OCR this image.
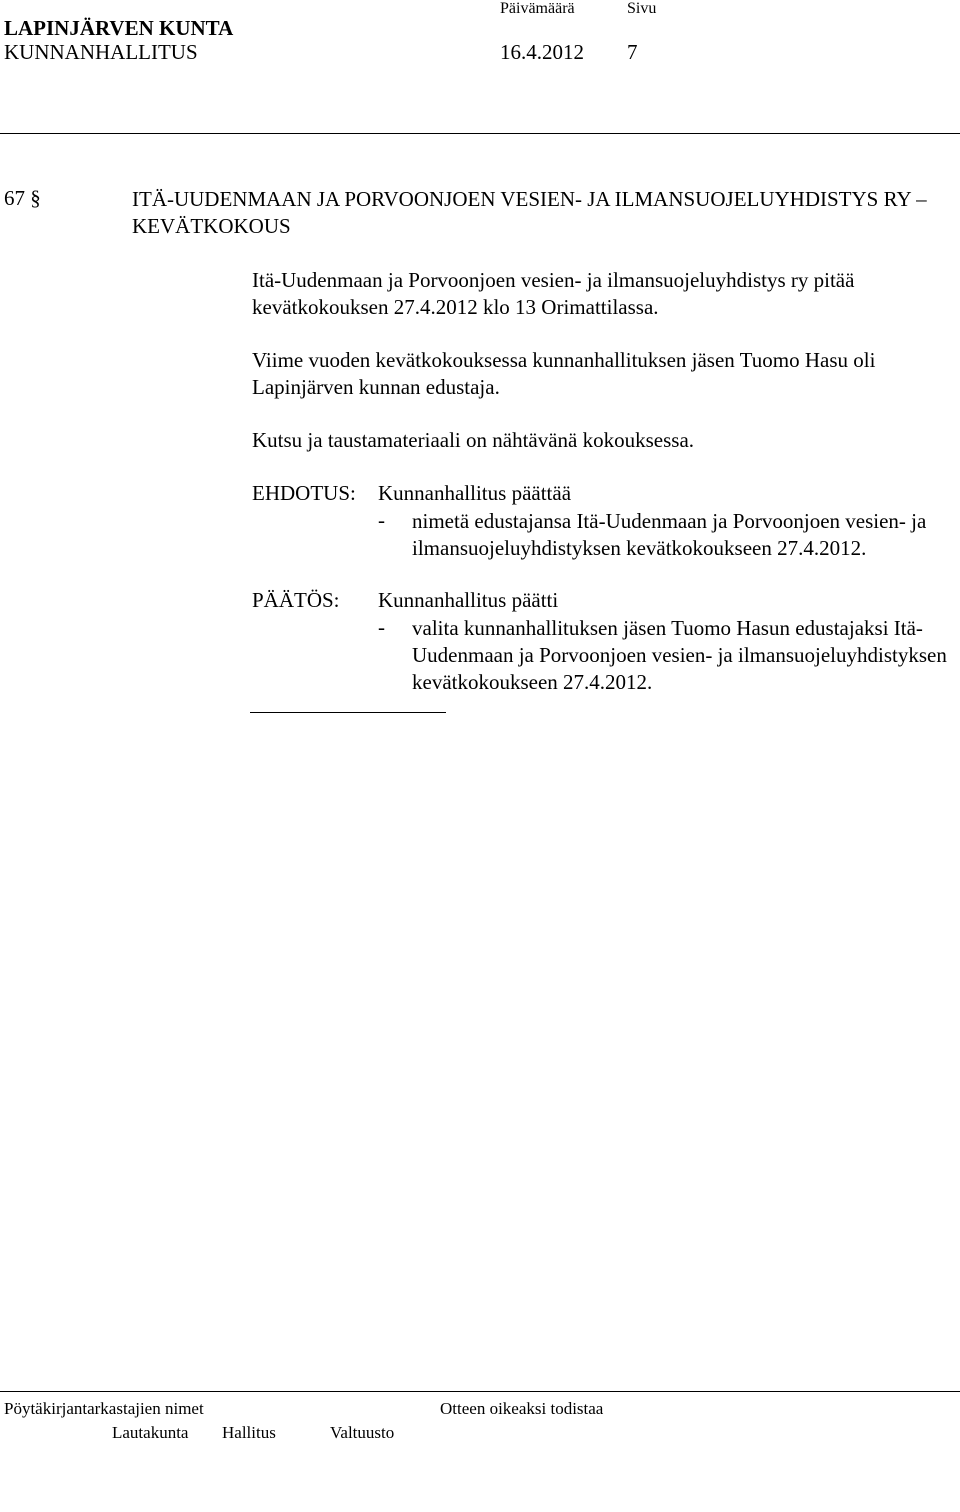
LAPINJÄRVEN KUNTA
KUNNANHALLITUS
Päivämäärä	Sivu
16.4.2012 7
67 §	ITÄ-UUDENMAAN JA PORVOONJOEN VESIEN- JA ILMANSUOJELUYHDISTYS RY – KEVÄTKOKOUS
Itä-Uudenmaan ja Porvoonjoen vesien- ja ilmansuojeluyhdistys ry pitää kevätkokouksen 27.4.2012 klo 13 Orimattilassa.
Viime vuoden kevätkokouksessa kunnanhallituksen jäsen Tuomo Hasu oli Lapinjärven kunnan edustaja.
Kutsu ja taustamateriaali on nähtävänä kokouksessa.
EHDOTUS: Kunnanhallitus päättää
- nimetä edustajansa Itä-Uudenmaan ja Porvoonjoen vesien- ja ilmansuojeluyhdistyksen kevätkokoukseen 27.4.2012.
PÄÄTÖS: Kunnanhallitus päätti
- valita kunnanhallituksen jäsen Tuomo Hasun edustajaksi Itä-Uudenmaan ja Porvoonjoen vesien- ja ilmansuojeluyhdistyksen kevätkokoukseen 27.4.2012.
Pöytäkirjantarkastajien nimet	Otteen oikeaksi todistaa
Lautakunta Hallitus	Valtuusto
